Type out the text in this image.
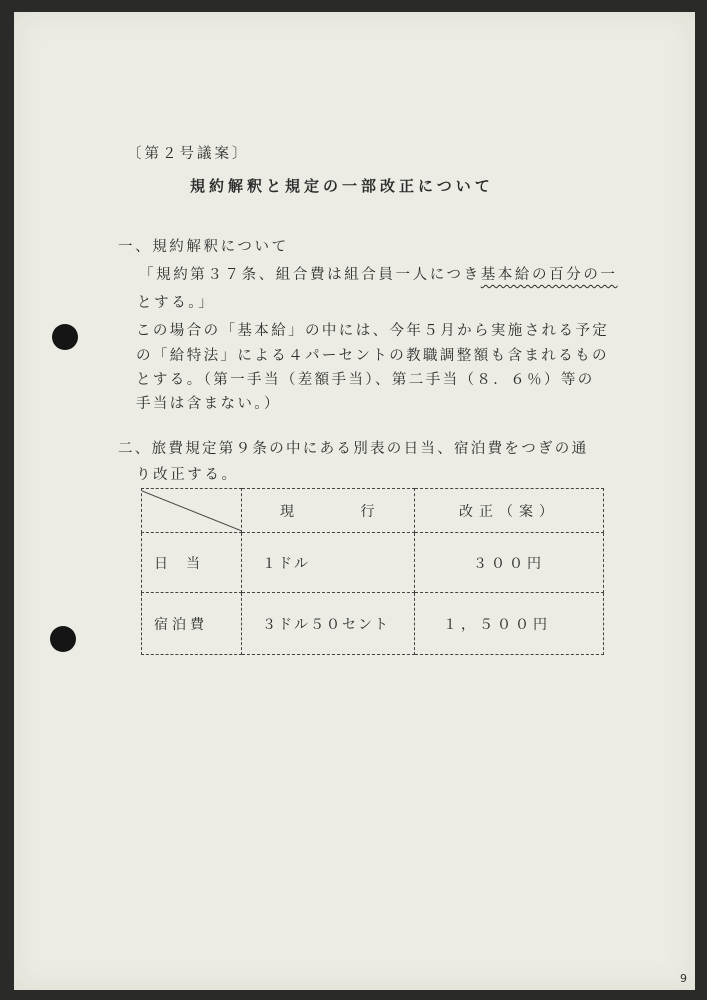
〔第２号議案〕
規約解釈と規定の一部改正について
一、規約解釈について
「規約第３７条、組合費は組合員一人につき基本給の百分の一
とする。」
この場合の「基本給」の中には、今年５月から実施される予定
の「給特法」による４パーセントの教職調整額も含まれるもの
とする。（第一手当（差額手当）、第二手当（８．６％）等の
手当は含まない。）
二、旅費規定第９条の中にある別表の日当、宿泊費をつぎの通
り改正する。
	現 行	改正（案）
日当	１ドル	３００円
宿泊費	３ドル５０セント	１，５００円
9
